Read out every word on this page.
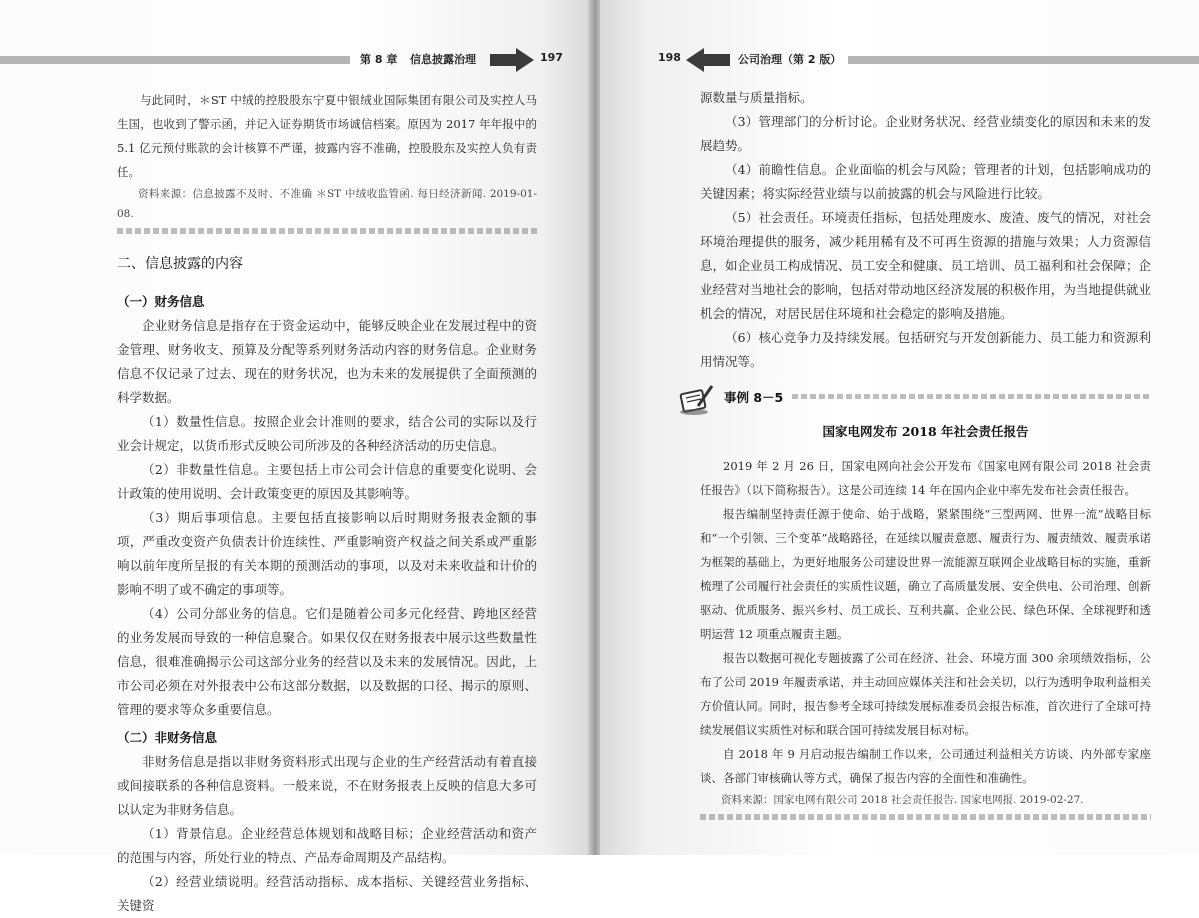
第 8 章 信息披露治理	197

与此同时，＊ST 中绒的控股股东宁夏中银绒业国际集团有限公司及实控人马生国，也收到了警示函，并记入证券期货市场诚信档案。原因为 2017 年年报中的 5.1 亿元预付账款的会计核算不严谨，披露内容不准确，控股股东及实控人负有责任。

资料来源：信息披露不及时、不准确 ＊ST 中绒收监管函. 每日经济新闻. 2019-01-08.

二、信息披露的内容
（一）财务信息

企业财务信息是指存在于资金运动中，能够反映企业在发展过程中的资金管理、财务收支、预算及分配等系列财务活动内容的财务信息。企业财务信息不仅记录了过去、现在的财务状况，也为未来的发展提供了全面预测的科学数据。

（1）数量性信息。按照企业会计准则的要求，结合公司的实际以及行业会计规定，以货币形式反映公司所涉及的各种经济活动的历史信息。

（2）非数量性信息。主要包括上市公司会计信息的重要变化说明、会计政策的使用说明、会计政策变更的原因及其影响等。

（3）期后事项信息。主要包括直接影响以后时期财务报表金额的事项，严重改变资产负债表计价连续性、严重影响资产权益之间关系或严重影响以前年度所呈报的有关本期的预测活动的事项，以及对未来收益和计价的影响不明了或不确定的事项等。

（4）公司分部业务的信息。它们是随着公司多元化经营、跨地区经营的业务发展而导致的一种信息聚合。如果仅仅在财务报表中展示这些数量性信息，很难准确揭示公司这部分业务的经营以及未来的发展情况。因此，上市公司必须在对外报表中公布这部分数据，以及数据的口径、揭示的原则、管理的要求等众多重要信息。

（二）非财务信息

非财务信息是指以非财务资料形式出现与企业的生产经营活动有着直接或间接联系的各种信息资料。一般来说，不在财务报表上反映的信息大多可以认定为非财务信息。

（1）背景信息。企业经营总体规划和战略目标；企业经营活动和资产的范围与内容，所处行业的特点、产品寿命周期及产品结构。

（2）经营业绩说明。经营活动指标、成本指标、关键经营业务指标、关键资

198	公司治理（第 2 版）

源数量与质量指标。

（3）管理部门的分析讨论。企业财务状况、经营业绩变化的原因和未来的发展趋势。

（4）前瞻性信息。企业面临的机会与风险；管理者的计划，包括影响成功的关键因素；将实际经营业绩与以前披露的机会与风险进行比较。

（5）社会责任。环境责任指标，包括处理废水、废渣、废气的情况，对社会环境治理提供的服务，减少耗用稀有及不可再生资源的措施与效果；人力资源信息，如企业员工构成情况、员工安全和健康、员工培训、员工福利和社会保障；企业经营对当地社会的影响，包括对带动地区经济发展的积极作用，为当地提供就业机会的情况，对居民居住环境和社会稳定的影响及措施。

（6）核心竞争力及持续发展。包括研究与开发创新能力、员工能力和资源利用情况等。

事例 8－5
国家电网发布 2018 年社会责任报告

2019 年 2 月 26 日，国家电网向社会公开发布《国家电网有限公司 2018 社会责任报告》（以下简称报告）。这是公司连续 14 年在国内企业中率先发布社会责任报告。

报告编制坚持责任源于使命、始于战略，紧紧围绕“三型两网、世界一流”战略目标和“一个引领、三个变革”战略路径，在延续以履责意愿、履责行为、履责绩效、履责承诺为框架的基础上，为更好地服务公司建设世界一流能源互联网企业战略目标的实施，重新梳理了公司履行社会责任的实质性议题，确立了高质量发展、安全供电、公司治理、创新驱动、优质服务、振兴乡村、员工成长、互利共赢、企业公民、绿色环保、全球视野和透明运营 12 项重点履责主题。

报告以数据可视化专题披露了公司在经济、社会、环境方面 300 余项绩效指标，公布了公司 2019 年履责承诺，并主动回应媒体关注和社会关切，以行为透明争取利益相关方价值认同。同时，报告参考全球可持续发展标准委员会报告标准，首次进行了全球可持续发展倡议实质性对标和联合国可持续发展目标对标。

自 2018 年 9 月启动报告编制工作以来，公司通过利益相关方访谈、内外部专家座谈、各部门审核确认等方式，确保了报告内容的全面性和准确性。

资料来源：国家电网有限公司 2018 社会责任报告. 国家电网报. 2019-02-27.
